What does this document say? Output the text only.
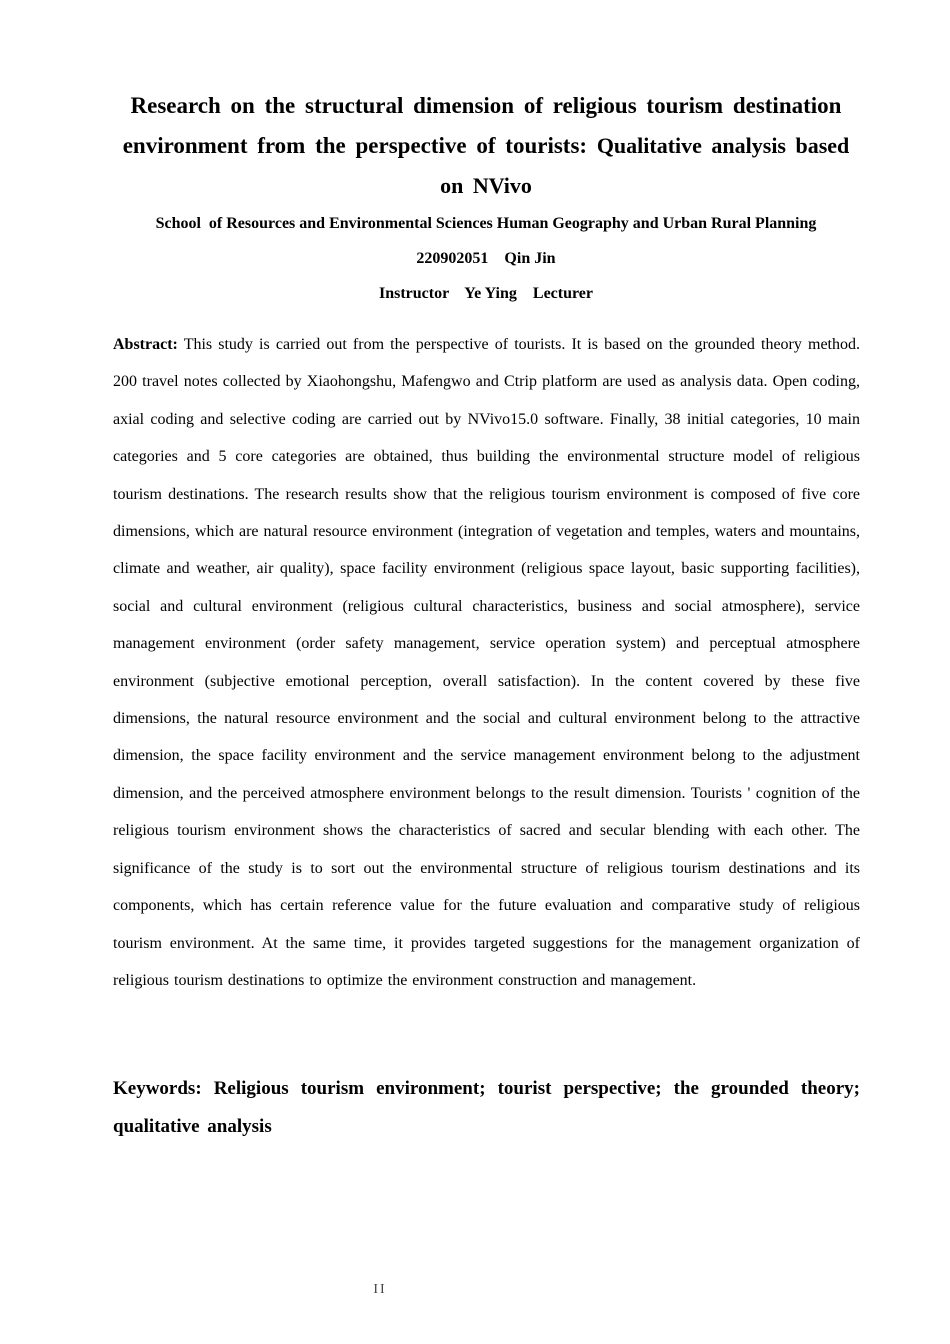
Research on the structural dimension of religious tourism destination environment from the perspective of tourists: Qualitative analysis based on NVivo
School  of Resources and Environmental Sciences Human Geography and Urban Rural Planning
220902051    Qin Jin
Instructor    Ye Ying    Lecturer
Abstract: This study is carried out from the perspective of tourists. It is based on the grounded theory method. 200 travel notes collected by Xiaohongshu, Mafengwo and Ctrip platform are used as analysis data. Open coding, axial coding and selective coding are carried out by NVivo15.0 software. Finally, 38 initial categories, 10 main categories and 5 core categories are obtained, thus building the environmental structure model of religious tourism destinations. The research results show that the religious tourism environment is composed of five core dimensions, which are natural resource environment (integration of vegetation and temples, waters and mountains, climate and weather, air quality), space facility environment (religious space layout, basic supporting facilities), social and cultural environment (religious cultural characteristics, business and social atmosphere), service management environment (order safety management, service operation system) and perceptual atmosphere environment (subjective emotional perception, overall satisfaction). In the content covered by these five dimensions, the natural resource environment and the social and cultural environment belong to the attractive dimension, the space facility environment and the service management environment belong to the adjustment dimension, and the perceived atmosphere environment belongs to the result dimension. Tourists ' cognition of the religious tourism environment shows the characteristics of sacred and secular blending with each other. The significance of the study is to sort out the environmental structure of religious tourism destinations and its components, which has certain reference value for the future evaluation and comparative study of religious tourism environment. At the same time, it provides targeted suggestions for the management organization of religious tourism destinations to optimize the environment construction and management.
Keywords: Religious tourism environment; tourist perspective; the grounded theory; qualitative analysis
II
